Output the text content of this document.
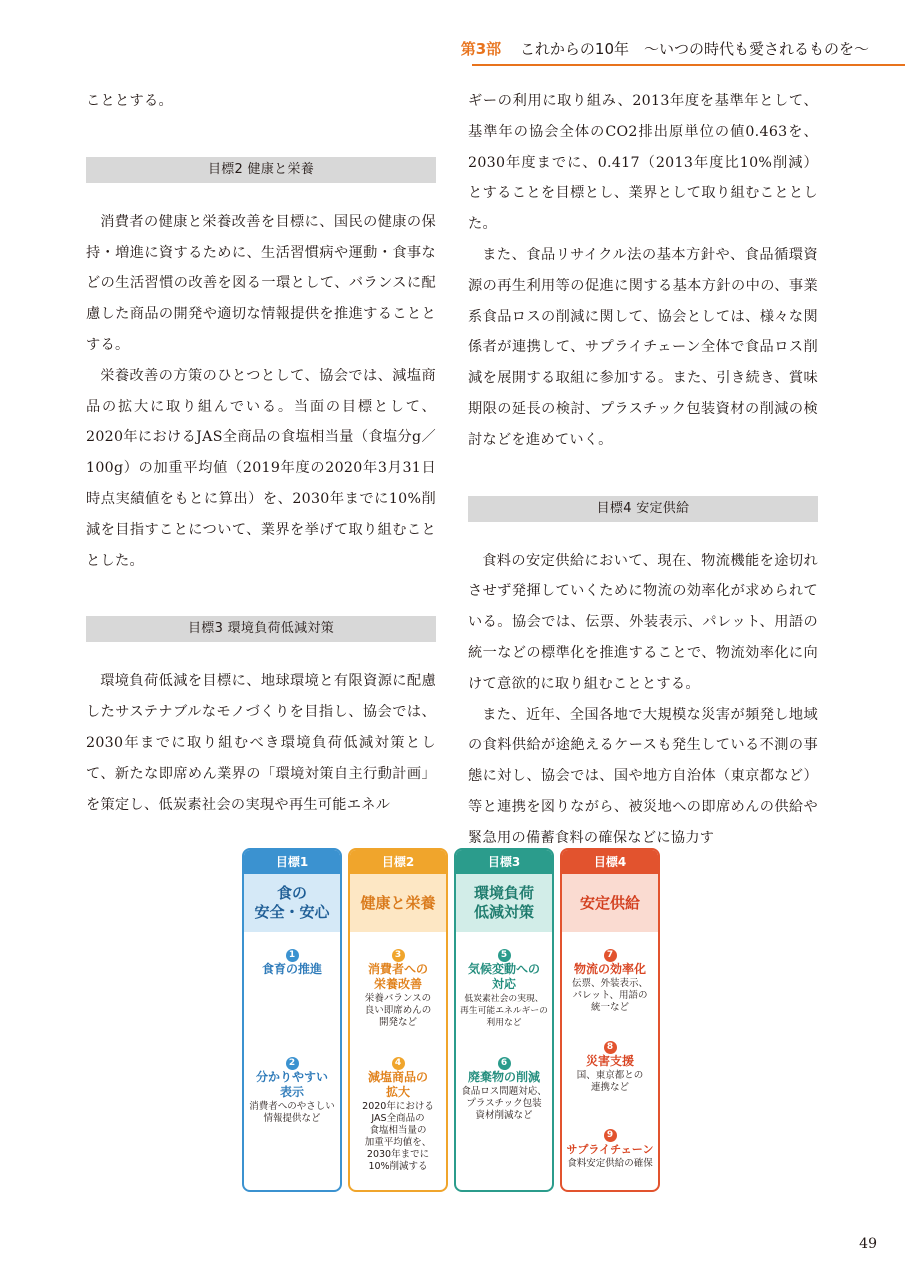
第3部 これからの10年　～いつの時代も愛されるものを～

こととする。

目標2 健康と栄養

消費者の健康と栄養改善を目標に、国民の健康の保持・増進に資するために、生活習慣病や運動・食事などの生活習慣の改善を図る一環として、バランスに配慮した商品の開発や適切な情報提供を推進することとする。

栄養改善の方策のひとつとして、協会では、減塩商品の拡大に取り組んでいる。当面の目標として、2020年におけるJAS全商品の食塩相当量（食塩分g／100g）の加重平均値（2019年度の2020年3月31日時点実績値をもとに算出）を、2030年までに10%削減を目指すことについて、業界を挙げて取り組むこととした。

目標3 環境負荷低減対策

環境負荷低減を目標に、地球環境と有限資源に配慮したサステナブルなモノづくりを目指し、協会では、2030年までに取り組むべき環境負荷低減対策として、新たな即席めん業界の「環境対策自主行動計画」を策定し、低炭素社会の実現や再生可能エネル

ギーの利用に取り組み、2013年度を基準年として、基準年の協会全体のCO2排出原単位の値0.463を、2030年度までに、0.417（2013年度比10%削減）とすることを目標とし、業界として取り組むこととした。

また、食品リサイクル法の基本方針や、食品循環資源の再生利用等の促進に関する基本方針の中の、事業系食品ロスの削減に関して、協会としては、様々な関係者が連携して、サプライチェーン全体で食品ロス削減を展開する取組に参加する。また、引き続き、賞味期限の延長の検討、プラスチック包装資材の削減の検討などを進めていく。

目標4 安定供給

食料の安定供給において、現在、物流機能を途切れさせず発揮していくために物流の効率化が求められている。協会では、伝票、外装表示、パレット、用語の統一などの標準化を推進することで、物流効率化に向けて意欲的に取り組むこととする。

また、近年、全国各地で大規模な災害が頻発し地域の食料供給が途絶えるケースも発生している不測の事態に対し、協会では、国や地方自治体（東京都など）等と連携を図りながら、被災地への即席めんの供給や緊急用の備蓄食料の確保などに協力す

目標1
食の
安全・安心
1
食育の推進
2
分かりやすい
表示
消費者へのやさしい
情報提供など
目標2
健康と栄養
3
消費者への
栄養改善
栄養バランスの
良い即席めんの
開発など
4
減塩商品の
拡大
2020年における
JAS全商品の
食塩相当量の
加重平均値を、
2030年までに
10%削減する
目標3
環境負荷
低減対策
5
気候変動への
対応
低炭素社会の実現、
再生可能エネルギーの
利用など
6
廃棄物の削減
食品ロス問題対応、
プラスチック包装
資材削減など
目標4
安定供給
7
物流の効率化
伝票、外装表示、
パレット、用語の
統一など
8
災害支援
国、東京都との
連携など
9
サプライチェーン
食料安定供給の確保
49
